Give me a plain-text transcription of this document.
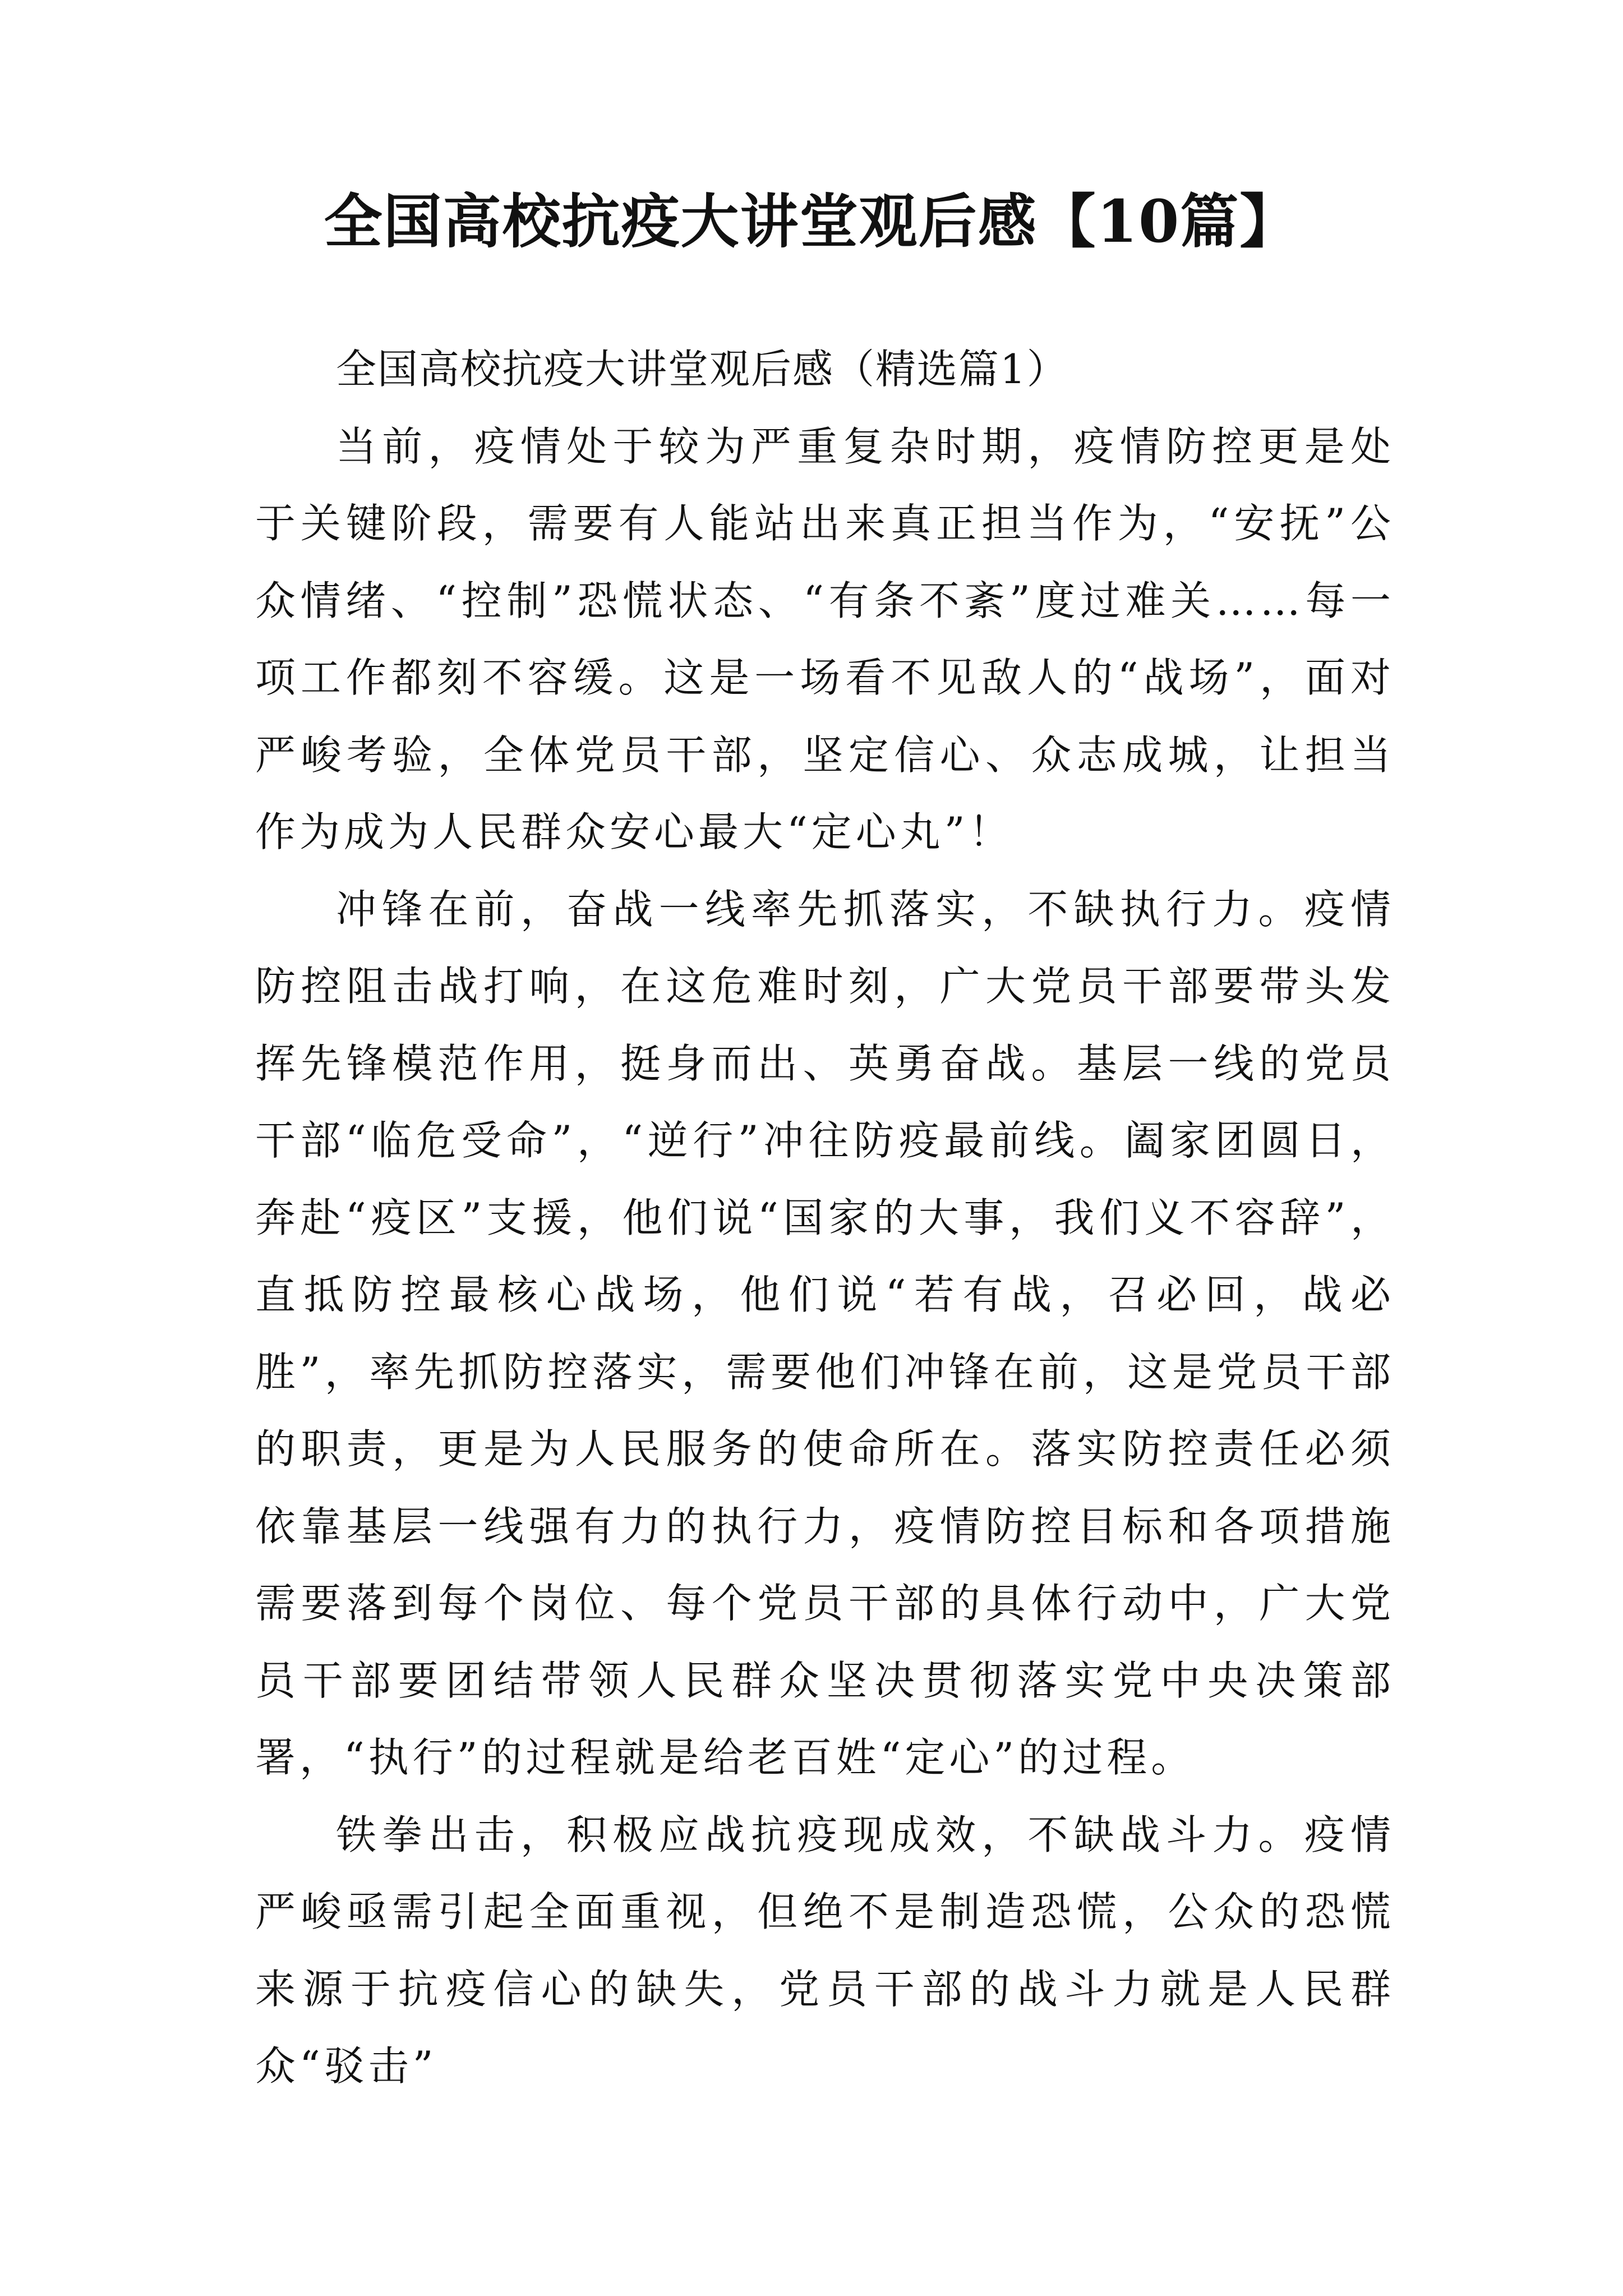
全国高校抗疫大讲堂观后感【10篇】

全国高校抗疫大讲堂观后感（精选篇1）

当前，疫情处于较为严重复杂时期，疫情防控更是处于关键阶段，需要有人能站出来真正担当作为，“安抚”公众情绪、“控制”恐慌状态、“有条不紊”度过难关……每一项工作都刻不容缓。这是一场看不见敌人的“战场”，面对严峻考验，全体党员干部，坚定信心、众志成城，让担当作为成为人民群众安心最大“定心丸”！

冲锋在前，奋战一线率先抓落实，不缺执行力。疫情防控阻击战打响，在这危难时刻，广大党员干部要带头发挥先锋模范作用，挺身而出、英勇奋战。基层一线的党员干部“临危受命”，“逆行”冲往防疫最前线。阖家团圆日，奔赴“疫区”支援，他们说“国家的大事，我们义不容辞”，直抵防控最核心战场，他们说“若有战，召必回，战必胜”，率先抓防控落实，需要他们冲锋在前，这是党员干部的职责，更是为人民服务的使命所在。落实防控责任必须依靠基层一线强有力的执行力，疫情防控目标和各项措施需要落到每个岗位、每个党员干部的具体行动中，广大党员干部要团结带领人民群众坚决贯彻落实党中央决策部署，“执行”的过程就是给老百姓“定心”的过程。

铁拳出击，积极应战抗疫现成效，不缺战斗力。疫情严峻亟需引起全面重视，但绝不是制造恐慌，公众的恐慌来源于抗疫信心的缺失，党员干部的战斗力就是人民群众“驳击”
